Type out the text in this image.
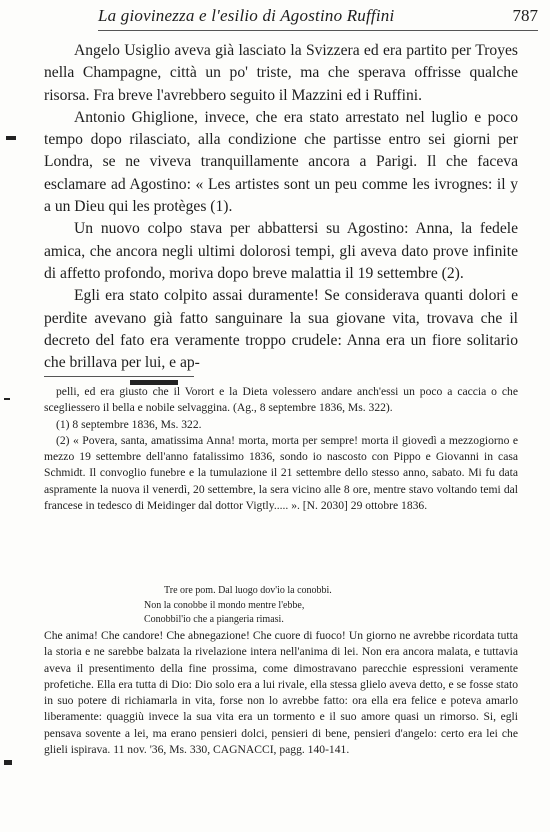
La giovinezza e l'esilio di Agostino Ruffini	787

Angelo Usiglio aveva già lasciato la Svizzera ed era partito per Troyes nella Champagne, città un po' triste, ma che sperava offrisse qualche risorsa. Fra breve l'avrebbero seguito il Mazzini ed i Ruffini.

Antonio Ghiglione, invece, che era stato arrestato nel luglio e poco tempo dopo rilasciato, alla condizione che partisse entro sei giorni per Londra, se ne viveva tranquillamente ancora a Parigi. Il che faceva esclamare ad Agostino: « Les artistes sont un peu comme les ivrognes: il y a un Dieu qui les protèges (1).

Un nuovo colpo stava per abbattersi su Agostino: Anna, la fedele amica, che ancora negli ultimi dolorosi tempi, gli aveva dato prove infinite di affetto profondo, moriva dopo breve malattia il 19 settembre (2).

Egli era stato colpito assai duramente! Se considerava quanti dolori e perdite avevano già fatto sanguinare la sua giovane vita, trovava che il decreto del fato era veramente troppo crudele: Anna era un fiore solitario che brillava per lui, e ap-

pelli, ed era giusto che il Vorort e la Dieta volessero andare anch'essi un poco a caccia o che scegliessero il bella e nobile selvaggina. (Ag., 8 septembre 1836, Ms. 322).

(1) 8 septembre 1836, Ms. 322.

(2) « Povera, santa, amatissima Anna! morta, morta per sempre! morta il giovedì a mezzogiorno e mezzo 19 settembre dell'anno fatalissimo 1836, sondo io nascosto con Pippo e Giovanni in casa Schmidt. Il convoglio funebre e la tumulazione il 21 settembre dello stesso anno, sabato. Mi fu data aspramente la nuova il venerdì, 20 settembre, la sera vicino alle 8 ore, mentre stavo voltando temi dal francese in tedesco di Meidinger dal dottor Vigtly..... ». [N. 2030] 29 ottobre 1836.

Tre ore pom. Dal luogo dov'io la conobbi.
Non la conobbe il mondo mentre l'ebbe,
Conobbil'io che a piangeria rimasi.

Che anima! Che candore! Che abnegazione! Che cuore di fuoco! Un giorno ne avrebbe ricordata tutta la storia e ne sarebbe balzata la rivelazione intera nell'anima di lei. Non era ancora malata, e tuttavia aveva il presentimento della fine prossima, come dimostravano parecchie espressioni veramente profetiche. Ella era tutta di Dio: Dio solo era a lui rivale, ella stessa glielo aveva detto, e se fosse stato in suo potere di richiamarla in vita, forse non lo avrebbe fatto: ora ella era felice e poteva amarlo liberamente: quaggiù invece la sua vita era un tormento e il suo amore quasi un rimorso. Si, egli pensava sovente a lei, ma erano pensieri dolci, pensieri di bene, pensieri d'angelo: certo era lei che glieli ispirava. 11 nov. '36, Ms. 330, CAGNACCI, pagg. 140-141.
